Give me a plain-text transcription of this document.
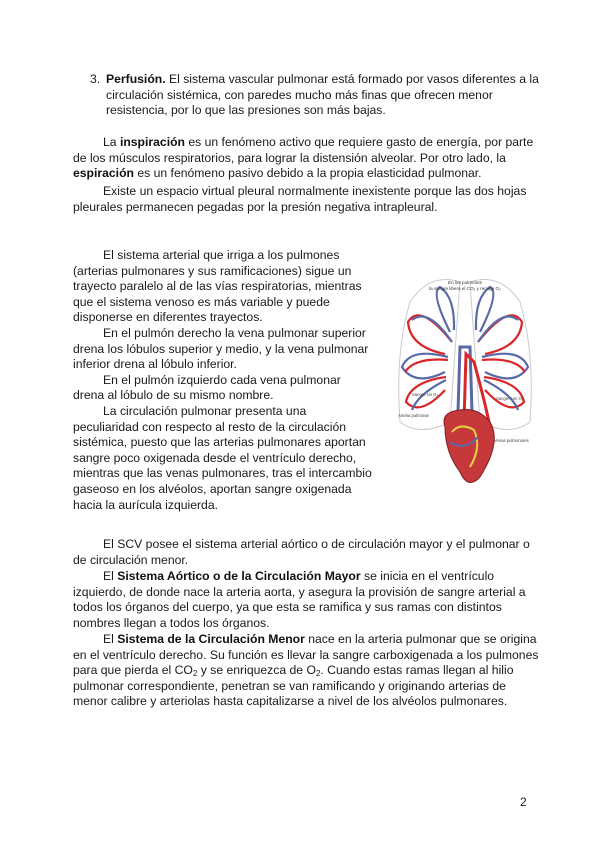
3. Perfusión. El sistema vascular pulmonar está formado por vasos diferentes a la circulación sistémica, con paredes mucho más finas que ofrecen menor resistencia, por lo que las presiones son más bajas.
La inspiración es un fenómeno activo que requiere gasto de energía, por parte de los músculos respiratorios, para lograr la distensión alveolar. Por otro lado, la espiración es un fenómeno pasivo debido a la propia elasticidad pulmonar.
Existe un espacio virtual pleural normalmente inexistente porque las dos hojas pleurales permanecen pegadas por la presión negativa intrapleural.

El sistema arterial que irriga a los pulmones (arterias pulmonares y sus ramificaciones) sigue un trayecto paralelo al de las vías respiratorias, mientras que el sistema venoso es más variable y puede disponerse en diferentes trayectos.

En el pulmón derecho la vena pulmonar superior drena los lóbulos superior y medio, y la vena pulmonar inferior drena al lóbulo inferior.

En el pulmón izquierdo cada vena pulmonar drena al lóbulo de su mismo nombre.

La circulación pulmonar presenta una peculiaridad con respecto al resto de la circulación sistémica, puesto que las arterias pulmonares aportan sangre poco oxigenada desde el ventrículo derecho, mientras que las venas pulmonares, tras el intercambio gaseoso en los alvéolos, aportan sangre oxigenada hacia la aurícula izquierda.

En los pulmones
la sangre libera el CO₂ y recoge O₂
Sangre sin O₂
Sangre con O₂
Arteria pulmonar
Venas pulmonares
El SCV posee el sistema arterial aórtico o de circulación mayor y el pulmonar o de circulación menor.
El Sistema Aórtico o de la Circulación Mayor se inicia en el ventrículo izquierdo, de donde nace la arteria aorta, y asegura la provisión de sangre arterial a todos los órganos del cuerpo, ya que esta se ramifica y sus ramas con distintos nombres llegan a todos los órganos.
El Sistema de la Circulación Menor nace en la arteria pulmonar que se origina en el ventrículo derecho. Su función es llevar la sangre carboxigenada a los pulmones para que pierda el $CO_2$ y se enriquezca de $O_2$. Cuando estas ramas llegan al hilio pulmonar correspondiente, penetran se van ramificando y originando arterias de menor calibre y arteriolas hasta capitalizarse a nivel de los alvéolos pulmonares.
2
